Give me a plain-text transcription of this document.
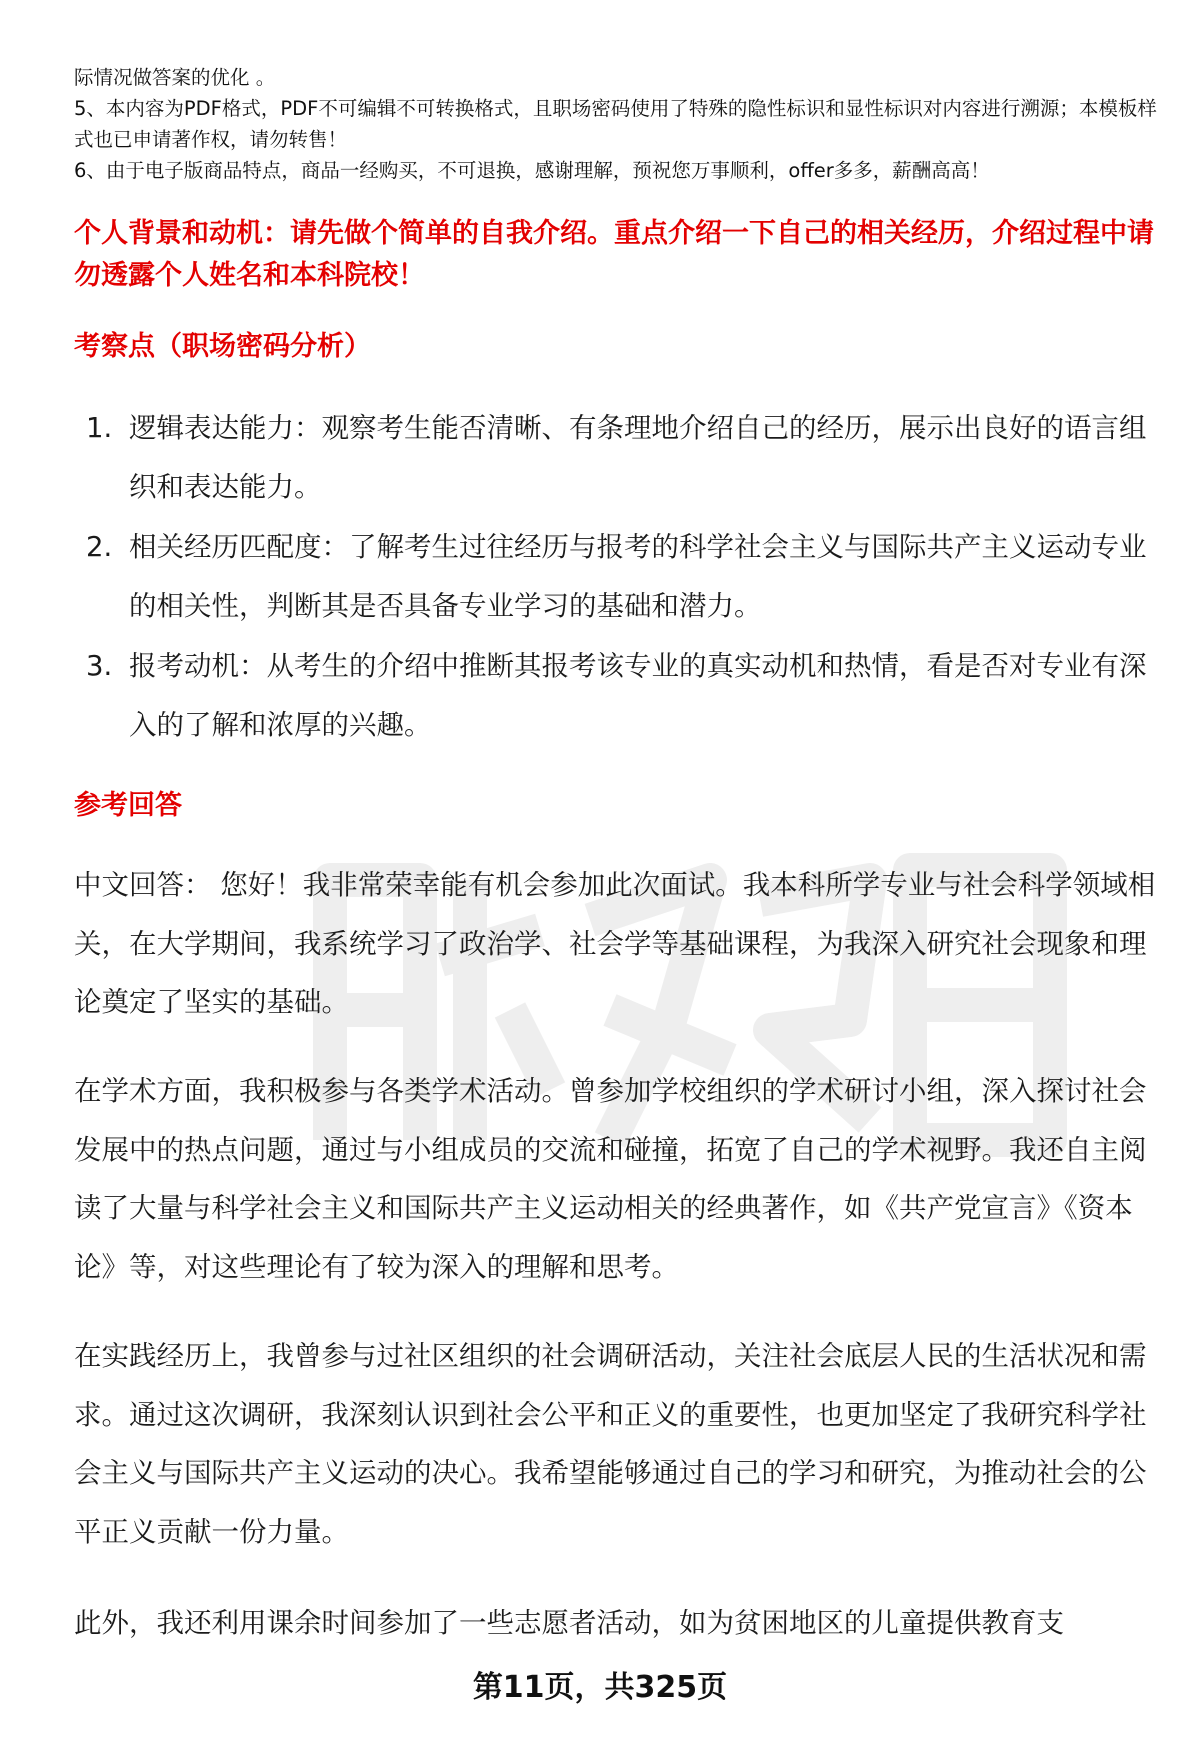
际情况做答案的优化 。

5、本内容为PDF格式，PDF不可编辑不可转换格式，且职场密码使用了特殊的隐性标识和显性标识对内容进行溯源；本模板样式也已申请著作权，请勿转售！

6、由于电子版商品特点，商品一经购买，不可退换，感谢理解，预祝您万事顺利，offer多多，薪酬高高！

个人背景和动机：请先做个简单的自我介绍。重点介绍一下自己的相关经历，介绍过程中请勿透露个人姓名和本科院校！

考察点（职场密码分析）

1. 逻辑表达能力：观察考生能否清晰、有条理地介绍自己的经历，展示出良好的语言组织和表达能力。
2. 相关经历匹配度：了解考生过往经历与报考的科学社会主义与国际共产主义运动专业的相关性，判断其是否具备专业学习的基础和潜力。
3. 报考动机：从考生的介绍中推断其报考该专业的真实动机和热情，看是否对专业有深入的了解和浓厚的兴趣。

参考回答

中文回答： 您好！我非常荣幸能有机会参加此次面试。我本科所学专业与社会科学领域相关，在大学期间，我系统学习了政治学、社会学等基础课程，为我深入研究社会现象和理论奠定了坚实的基础。

在学术方面，我积极参与各类学术活动。曾参加学校组织的学术研讨小组，深入探讨社会发展中的热点问题，通过与小组成员的交流和碰撞，拓宽了自己的学术视野。我还自主阅读了大量与科学社会主义和国际共产主义运动相关的经典著作，如《共产党宣言》《资本论》等，对这些理论有了较为深入的理解和思考。

在实践经历上，我曾参与过社区组织的社会调研活动，关注社会底层人民的生活状况和需求。通过这次调研，我深刻认识到社会公平和正义的重要性，也更加坚定了我研究科学社会主义与国际共产主义运动的决心。我希望能够通过自己的学习和研究，为推动社会的公平正义贡献一份力量。

此外，我还利用课余时间参加了一些志愿者活动，如为贫困地区的儿童提供教育支

第11页，共325页
